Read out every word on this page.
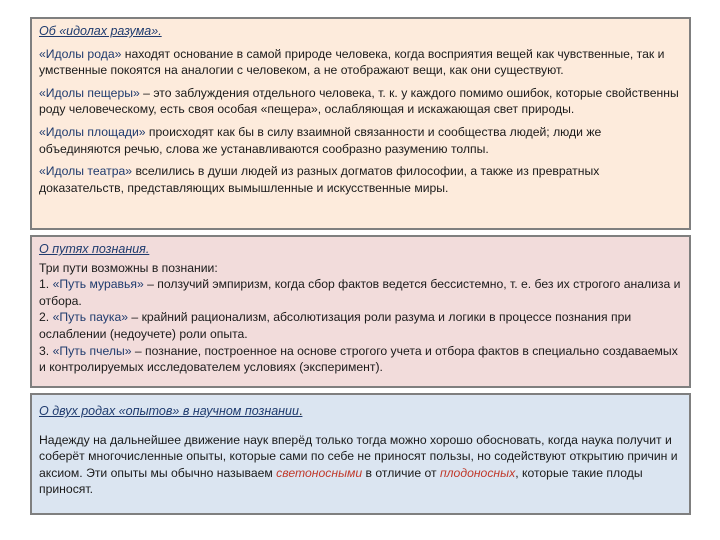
Об «идолах разума».
«Идолы рода» находят основание в самой природе человека, когда восприятия вещей как чувственные, так и умственные покоятся на аналогии с человеком, а не отображают вещи, как они существуют.
«Идолы пещеры» – это заблуждения отдельного человека, т. к. у каждого помимо ошибок, которые свойственны роду человеческому, есть своя особая «пещера», ослабляющая и искажающая свет природы.
«Идолы площади» происходят как бы в силу взаимной связанности и сообщества людей; люди же объединяются речью, слова же устанавливаются сообразно разумению толпы.
«Идолы театра» вселились в души людей из разных догматов философии, а также из превратных доказательств, представляющих вымышленные и искусственные миры.
О путях познания.
Три пути возможны в познании:
1. «Путь муравья» – ползучий эмпиризм, когда сбор фактов ведется бессистемно, т. е. без их строгого анализа и отбора.
2. «Путь паука» – крайний рационализм, абсолютизация роли разума и логики в процессе познания при ослаблении (недоучете) роли опыта.
3. «Путь пчелы» – познание, построенное на основе строгого учета и отбора фактов в специально создаваемых и контролируемых исследователем условиях (эксперимент).
О двух родах «опытов» в научном познании.
Надежду на дальнейшее движение наук вперёд только тогда можно хорошо обосновать, когда наука получит и соберёт многочисленные опыты, которые сами по себе не приносят пользы, но содействуют открытию причин и аксиом. Эти опыты мы обычно называем светоносными в отличие от плодоносных, которые такие плоды приносят.
